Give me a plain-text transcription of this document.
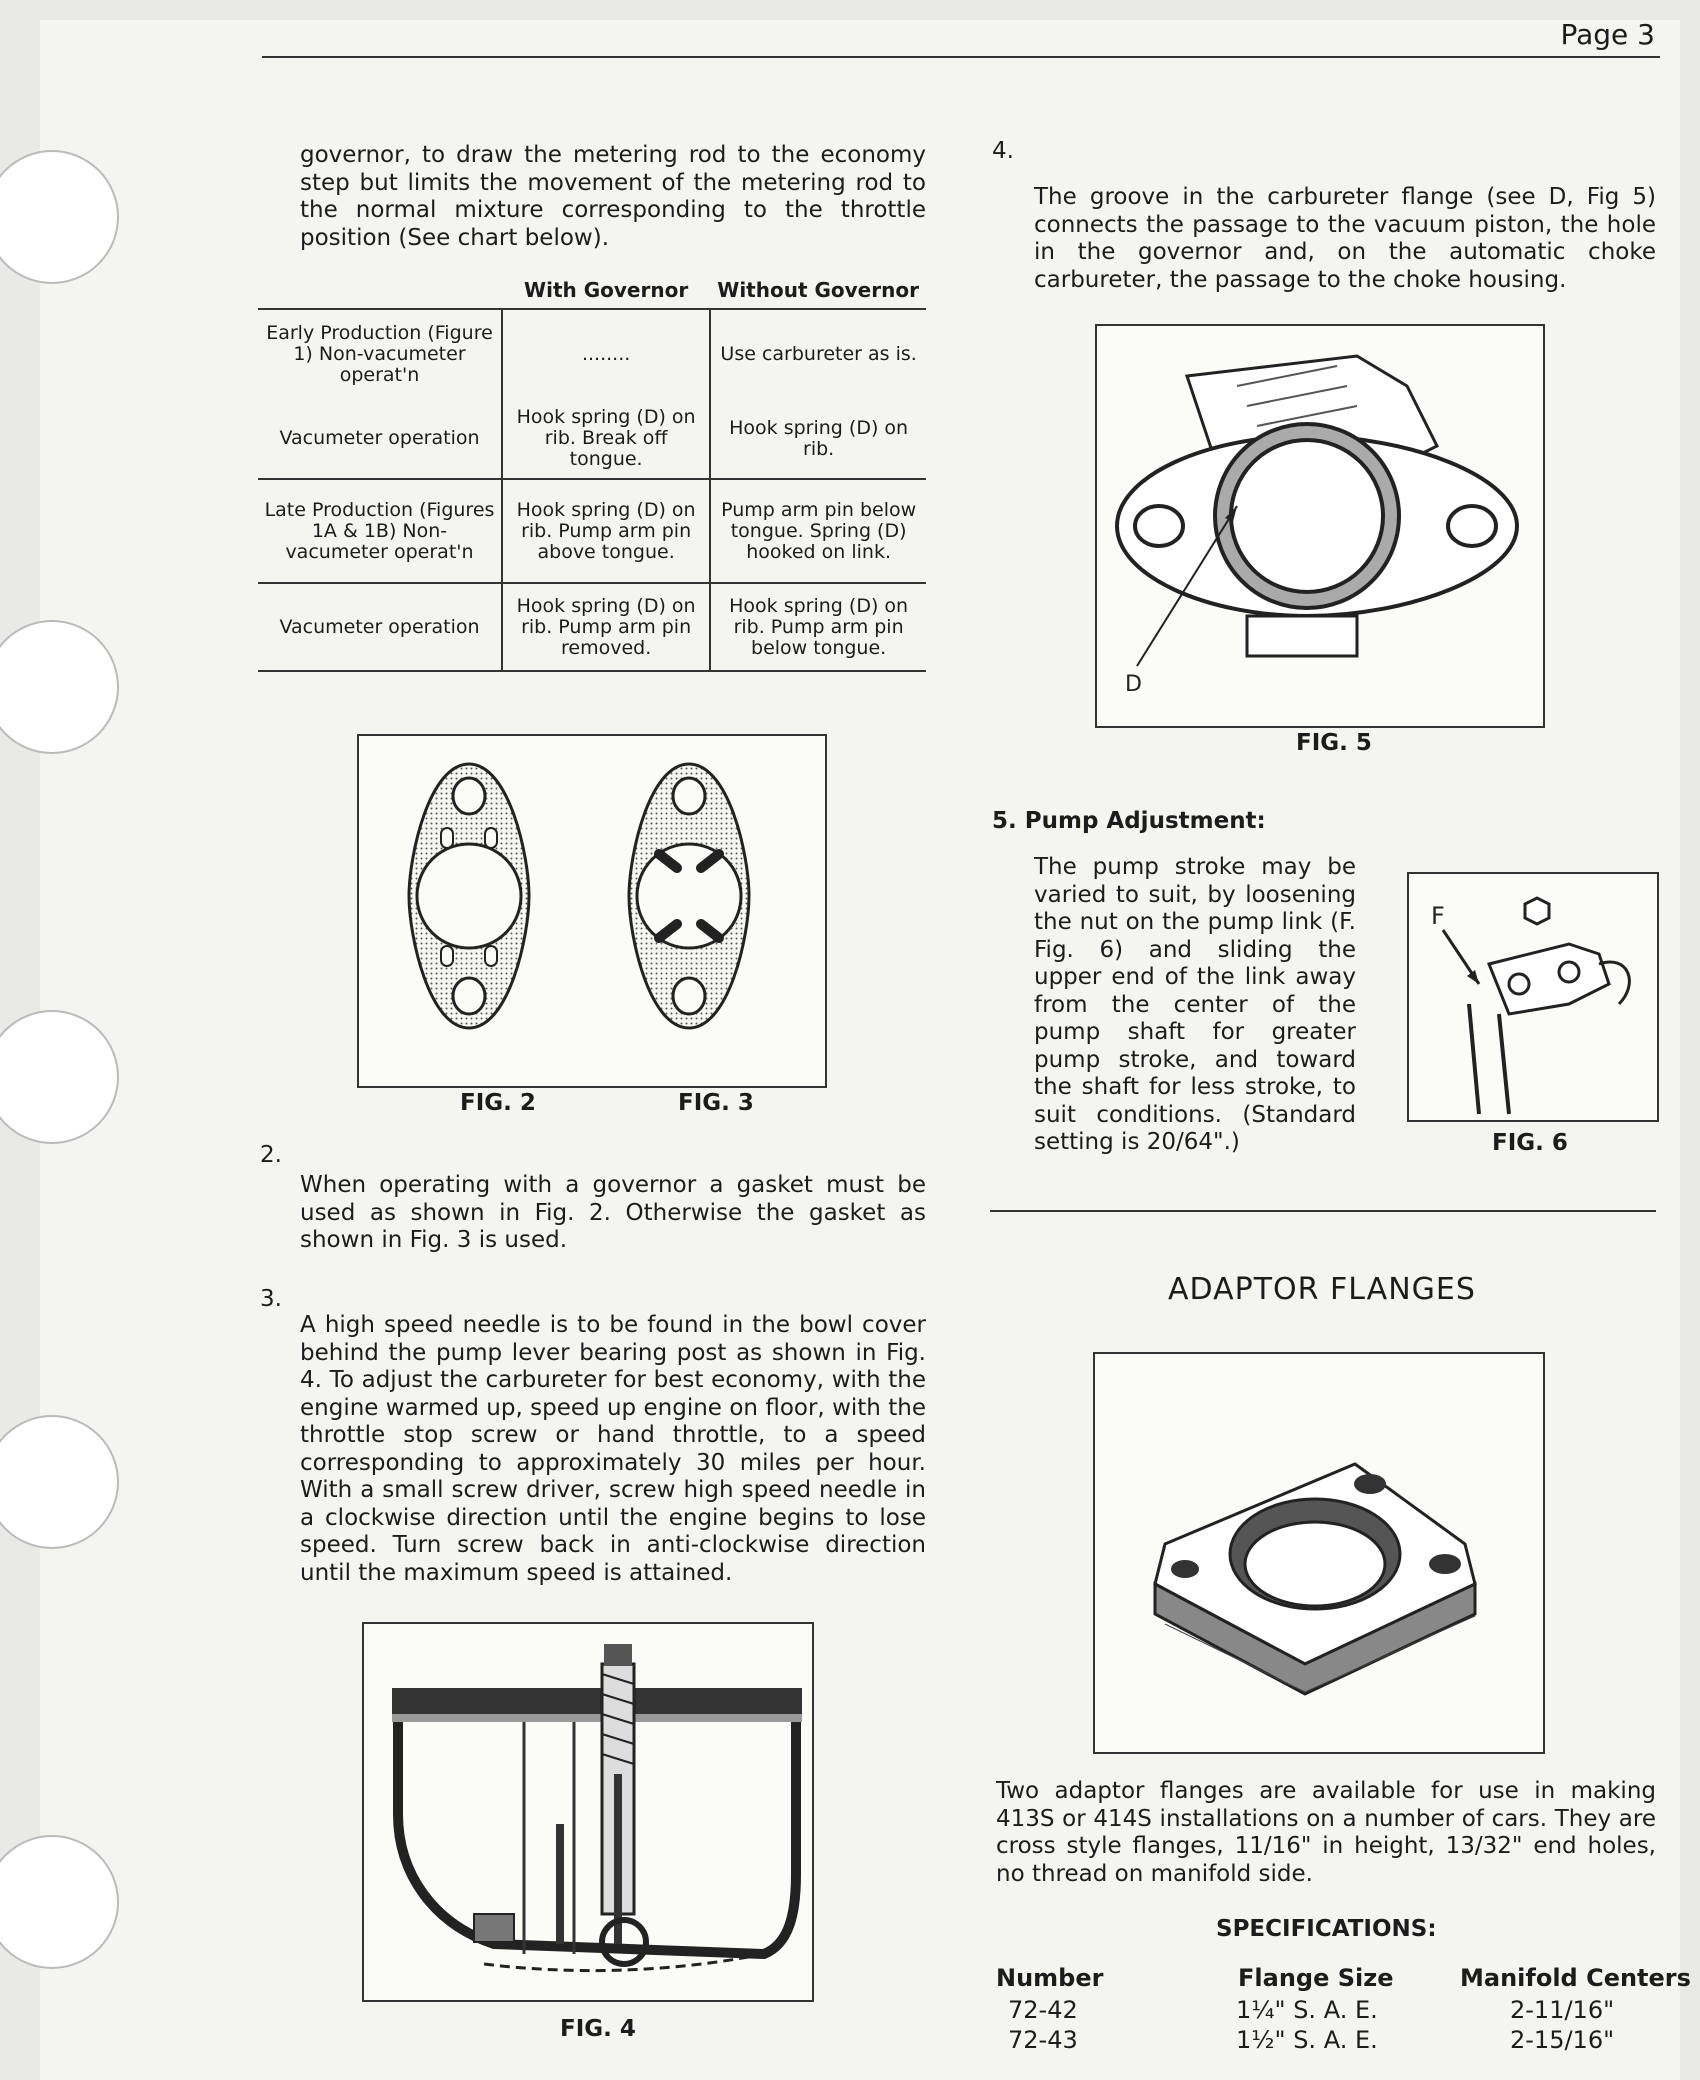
Page 3
governor, to draw the metering rod to the economy step but limits the movement of the metering rod to the normal mixture corresponding to the throttle position (See chart below).
	With Governor	Without Governor
Early Production (Figure 1) Non-vacumeter operat'n	........	Use carbureter as is.
Vacumeter operation	Hook spring (D) on rib. Break off tongue.	Hook spring (D) on rib.
Late Production (Figures 1A & 1B) Non-vacumeter operat'n	Hook spring (D) on rib. Pump arm pin above tongue.	Pump arm pin below tongue. Spring (D) hooked on link.
Vacumeter operation	Hook spring (D) on rib. Pump arm pin removed.	Hook spring (D) on rib. Pump arm pin below tongue.
FIG. 2	FIG. 3
2.
When operating with a governor a gasket must be used as shown in Fig. 2. Otherwise the gasket as shown in Fig. 3 is used.
3.
A high speed needle is to be found in the bowl cover behind the pump lever bearing post as shown in Fig. 4. To adjust the carbureter for best economy, with the engine warmed up, speed up engine on floor, with the throttle stop screw or hand throttle, to a speed corresponding to approximately 30 miles per hour. With a small screw driver, screw high speed needle in a clockwise direction until the engine begins to lose speed. Turn screw back in anti-clockwise direction until the maximum speed is attained.
FIG. 4
4.
The groove in the carbureter flange (see D, Fig 5) connects the passage to the vacuum piston, the hole in the governor and, on the automatic choke carbureter, the passage to the choke housing.
D
FIG. 5
5. Pump Adjustment:
The pump stroke may be varied to suit, by loosening the nut on the pump link (F. Fig. 6) and sliding the upper end of the link away from the center of the pump shaft for greater pump stroke, and toward the shaft for less stroke, to suit conditions. (Standard setting is 20/64".)
F
FIG. 6
ADAPTOR FLANGES
Two adaptor flanges are available for use in making 413S or 414S installations on a number of cars. They are cross style flanges, 11/16" in height, 13/32" end holes, no thread on manifold side.
SPECIFICATIONS:
Number	Flange Size	Manifold Centers
72-42	1¼" S. A. E.	2-11/16"
72-43	1½" S. A. E.	2-15/16"
